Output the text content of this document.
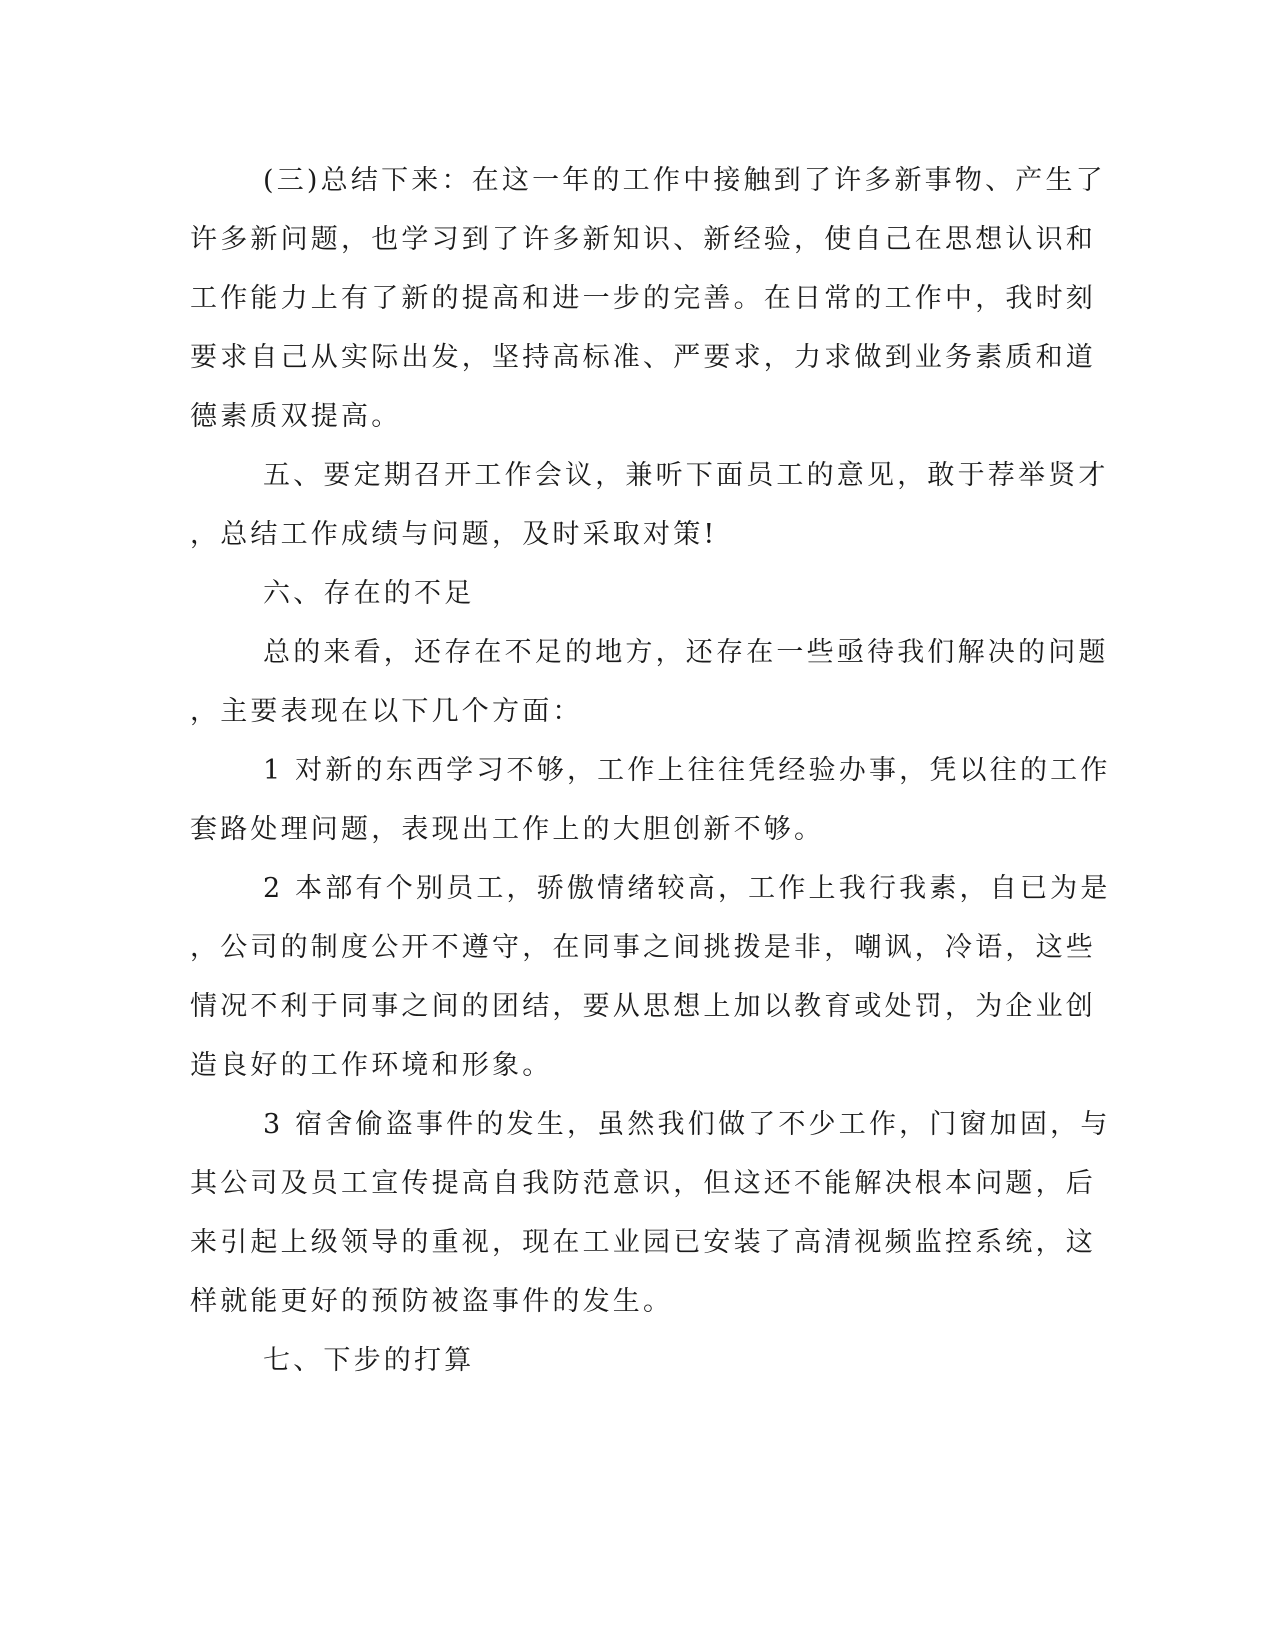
(三)总结下来：在这一年的工作中接触到了许多新事物、产生了
许多新问题，也学习到了许多新知识、新经验，使自己在思想认识和
工作能力上有了新的提高和进一步的完善。在日常的工作中，我时刻
要求自己从实际出发，坚持高标准、严要求，力求做到业务素质和道
德素质双提高。
五、要定期召开工作会议，兼听下面员工的意见，敢于荐举贤才
，总结工作成绩与问题，及时采取对策!
六、存在的不足
总的来看，还存在不足的地方，还存在一些亟待我们解决的问题
，主要表现在以下几个方面：
1 对新的东西学习不够，工作上往往凭经验办事，凭以往的工作
套路处理问题，表现出工作上的大胆创新不够。
2 本部有个别员工，骄傲情绪较高，工作上我行我素，自已为是
，公司的制度公开不遵守，在同事之间挑拨是非，嘲讽，冷语，这些
情况不利于同事之间的团结，要从思想上加以教育或处罚，为企业创
造良好的工作环境和形象。
3 宿舍偷盗事件的发生，虽然我们做了不少工作，门窗加固，与
其公司及员工宣传提高自我防范意识，但这还不能解决根本问题，后
来引起上级领导的重视，现在工业园已安装了高清视频监控系统，这
样就能更好的预防被盗事件的发生。
七、下步的打算
